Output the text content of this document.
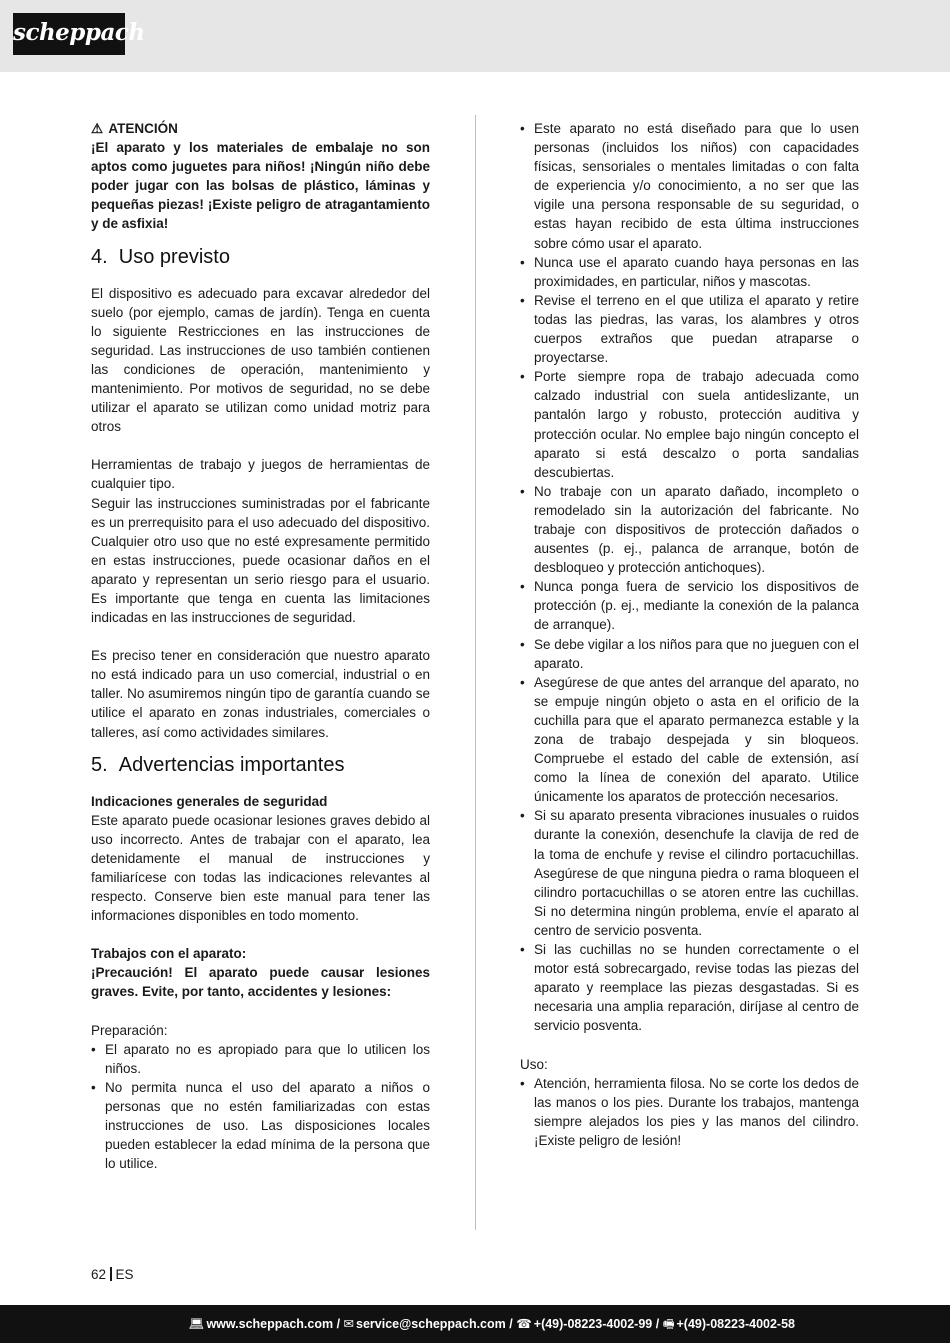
scheppach

⚠ ATENCIÓN

¡El aparato y los materiales de embalaje no son aptos como juguetes para niños! ¡Ningún niño debe poder jugar con las bolsas de plástico, láminas y pequeñas piezas! ¡Existe peligro de atragantamiento y de asfixia!

4.  Uso previsto

El dispositivo es adecuado para excavar alrededor del suelo (por ejemplo, camas de jardín). Tenga en cuenta lo siguiente Restricciones en las instrucciones de seguridad. Las instrucciones de uso también contienen las condiciones de operación, mantenimiento y mantenimiento. Por motivos de seguridad, no se debe utilizar el aparato se utilizan como unidad motriz para otros

Herramientas de trabajo y juegos de herramientas de cualquier tipo.

Seguir las instrucciones suministradas por el fabricante es un prerrequisito para el uso adecuado del dispositivo. Cualquier otro uso que no esté expresamente permitido en estas instrucciones, puede ocasionar daños en el aparato y representan un serio riesgo para el usuario. Es importante que tenga en cuenta las limitaciones indicadas en las instrucciones de seguridad.

Es preciso tener en consideración que nuestro aparato no está indicado para un uso comercial, industrial o en taller. No asumiremos ningún tipo de garantía cuando se utilice el aparato en zonas industriales, comerciales o talleres, así como actividades similares.

5.  Advertencias importantes

Indicaciones generales de seguridad

Este aparato puede ocasionar lesiones graves debido al uso incorrecto. Antes de trabajar con el aparato, lea detenidamente el manual de instrucciones y familiarícese con todas las indicaciones relevantes al respecto. Conserve bien este manual para tener las informaciones disponibles en todo momento.

Trabajos con el aparato:

¡Precaución! El aparato puede causar lesiones graves. Evite, por tanto, accidentes y lesiones:

Preparación:

• El aparato no es apropiado para que lo utilicen los niños.
• No permita nunca el uso del aparato a niños o personas que no estén familiarizadas con estas instrucciones de uso. Las disposiciones locales pueden establecer la edad mínima de la persona que lo utilice.
• Este aparato no está diseñado para que lo usen personas (incluidos los niños) con capacidades físicas, sensoriales o mentales limitadas o con falta de experiencia y/o conocimiento, a no ser que las vigile una persona responsable de su seguridad, o estas hayan recibido de esta última instrucciones sobre cómo usar el aparato.
• Nunca use el aparato cuando haya personas en las proximidades, en particular, niños y mascotas.
• Revise el terreno en el que utiliza el aparato y retire todas las piedras, las varas, los alambres y otros cuerpos extraños que puedan atraparse o proyectarse.
• Porte siempre ropa de trabajo adecuada como calzado industrial con suela antideslizante, un pantalón largo y robusto, protección auditiva y protección ocular. No emplee bajo ningún concepto el aparato si está descalzo o porta sandalias descubiertas.
• No trabaje con un aparato dañado, incompleto o remodelado sin la autorización del fabricante. No trabaje con dispositivos de protección dañados o ausentes (p. ej., palanca de arranque, botón de desbloqueo y protección antichoques).
• Nunca ponga fuera de servicio los dispositivos de protección (p. ej., mediante la conexión de la palanca de arranque).
• Se debe vigilar a los niños para que no jueguen con el aparato.
• Asegúrese de que antes del arranque del aparato, no se empuje ningún objeto o asta en el orificio de la cuchilla para que el aparato permanezca estable y la zona de trabajo despejada y sin bloqueos. Compruebe el estado del cable de extensión, así como la línea de conexión del aparato. Utilice únicamente los aparatos de protección necesarios.
• Si su aparato presenta vibraciones inusuales o ruidos durante la conexión, desenchufe la clavija de red de la toma de enchufe y revise el cilindro portacuchillas. Asegúrese de que ninguna piedra o rama bloqueen el cilindro portacuchillas o se atoren entre las cuchillas. Si no determina ningún problema, envíe el aparato al centro de servicio posventa.
• Si las cuchillas no se hunden correctamente o el motor está sobrecargado, revise todas las piezas del aparato y reemplace las piezas desgastadas. Si es necesaria una amplia reparación, diríjase al centro de servicio posventa.

Uso:

• Atención, herramienta filosa. No se corte los dedos de las manos o los pies. Durante los trabajos, mantenga siempre alejados los pies y las manos del cilindro. ¡Existe peligro de lesión!
62 ES
💻︎ www.scheppach.com / ✉ service@scheppach.com / ☎ +(49)-08223-4002-99 / 🖷︎ +(49)-08223-4002-58
